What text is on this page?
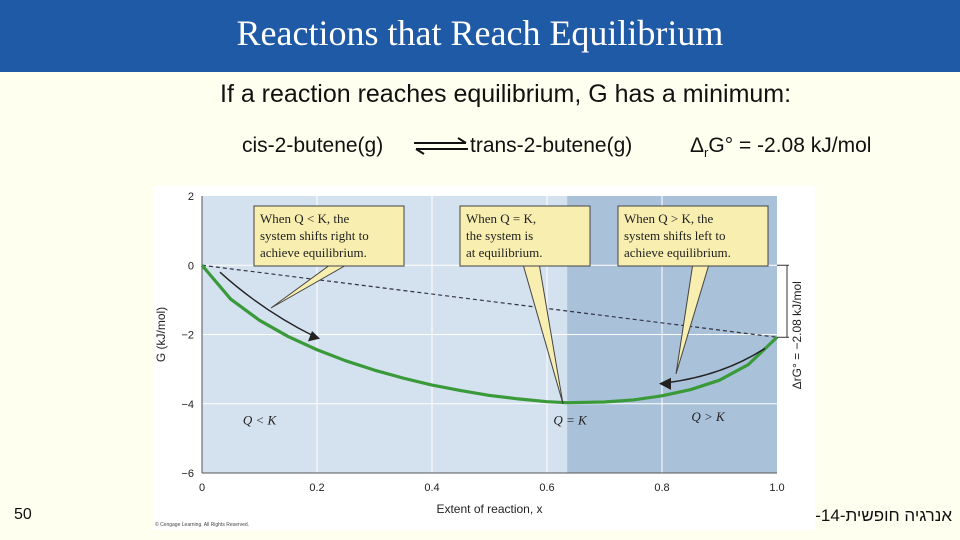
Reactions that Reach Equilibrium
If a reaction reaches equilibrium, G has a minimum:
cis-2-butene(g) ⇌ trans-2-butene(g)	$\Delta_rG^\circ = -2.08$ kJ/mol
0	0.2	0.4	0.6	0.8	1.0
2
0
−2
−4
−6
Extent of reaction, x
G (kJ/mol)	ΔrG° = −2.08 kJ/mol
When Q < K, the
system shifts right to
achieve equilibrium.
When Q = K,
the system is
at equilibrium.
When Q > K, the
system shifts left to
achieve equilibrium.
Q < K	Q = K	Q > K
© Cengage Learning. All Rights Reserved.
50	אנרגיה חופשית-14-
